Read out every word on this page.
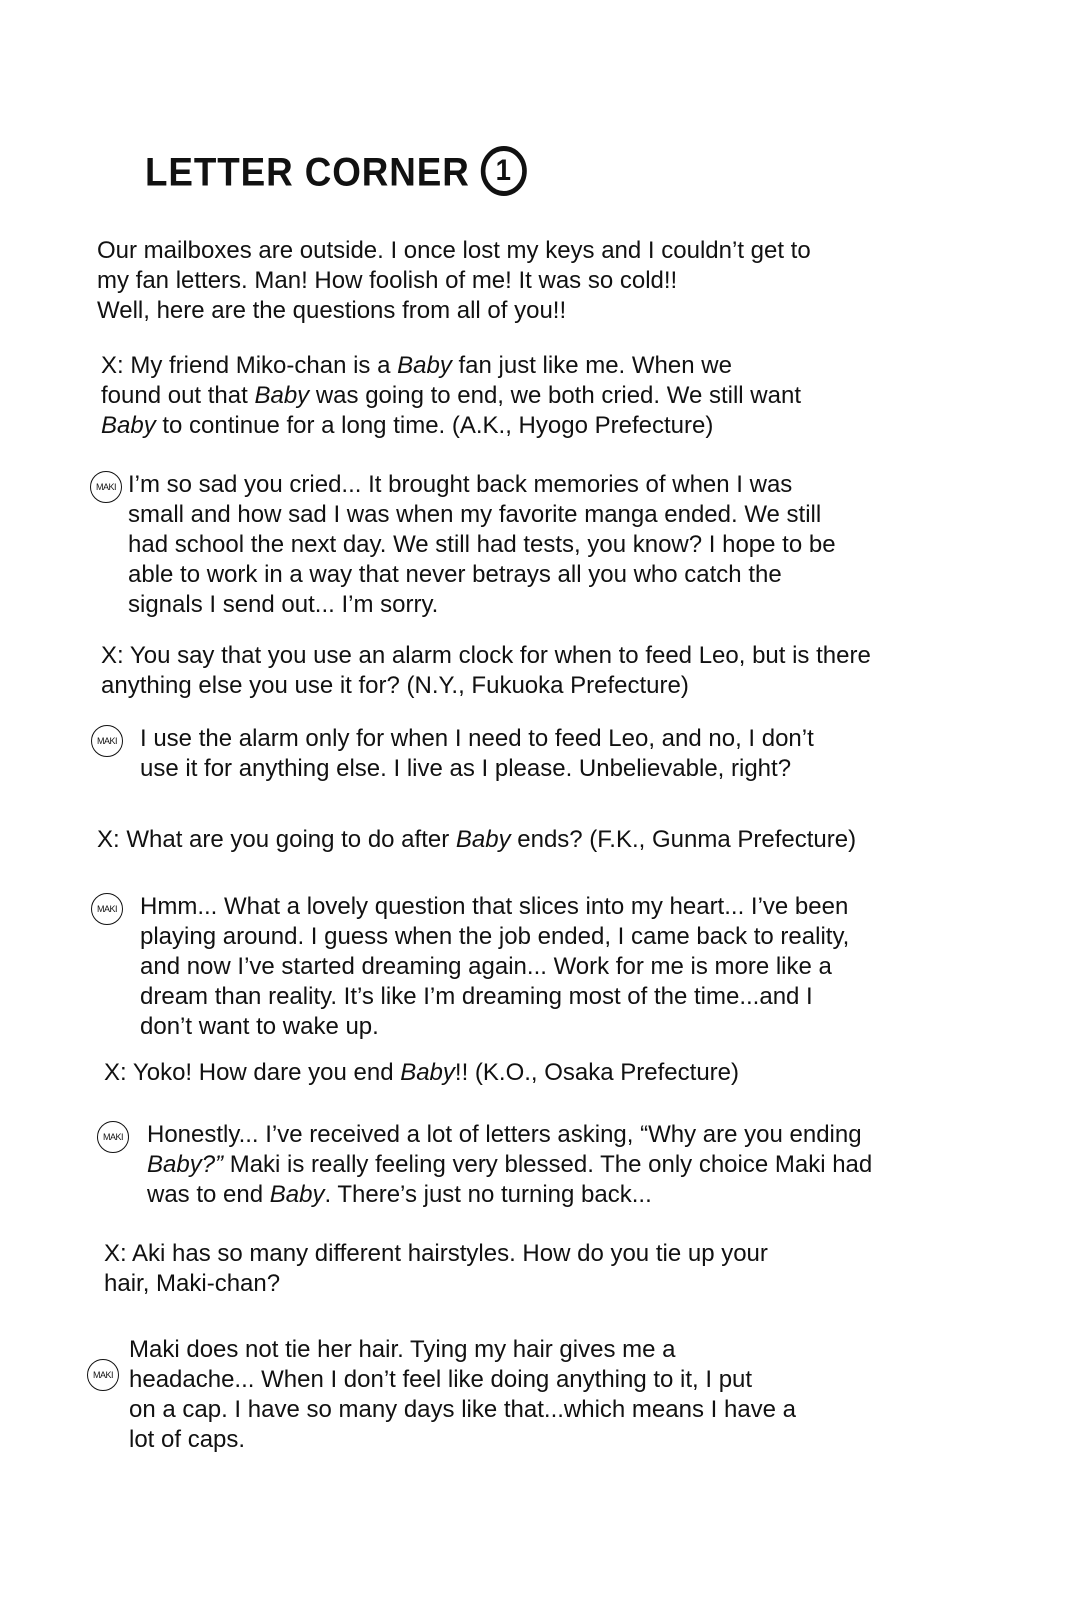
LETTER CORNER 1
Our mailboxes are outside. I once lost my keys and I couldn’t get to
my fan letters. Man! How foolish of me! It was so cold!!
Well, here are the questions from all of you!!
X: My friend Miko-chan is a Baby fan just like me. When we
found out that Baby was going to end, we both cried. We still want
Baby to continue for a long time. (A.K., Hyogo Prefecture)
MAKI I’m so sad you cried... It brought back memories of when I was
small and how sad I was when my favorite manga ended. We still
had school the next day. We still had tests, you know? I hope to be
able to work in a way that never betrays all you who catch the
signals I send out... I’m sorry.
X: You say that you use an alarm clock for when to feed Leo, but is there
anything else you use it for? (N.Y., Fukuoka Prefecture)
MAKI I use the alarm only for when I need to feed Leo, and no, I don’t
use it for anything else. I live as I please. Unbelievable, right?
X: What are you going to do after Baby ends? (F.K., Gunma Prefecture)
MAKI Hmm... What a lovely question that slices into my heart... I’ve been
playing around. I guess when the job ended, I came back to reality,
and now I’ve started dreaming again... Work for me is more like a
dream than reality. It’s like I’m dreaming most of the time...and I
don’t want to wake up.
X: Yoko! How dare you end Baby!! (K.O., Osaka Prefecture)
MAKI Honestly... I’ve received a lot of letters asking, “Why are you ending
Baby?” Maki is really feeling very blessed. The only choice Maki had
was to end Baby. There’s just no turning back...
X: Aki has so many different hairstyles. How do you tie up your
hair, Maki-chan?
MAKI
Maki does not tie her hair. Tying my hair gives me a
headache... When I don’t feel like doing anything to it, I put
on a cap. I have so many days like that...which means I have a
lot of caps.
